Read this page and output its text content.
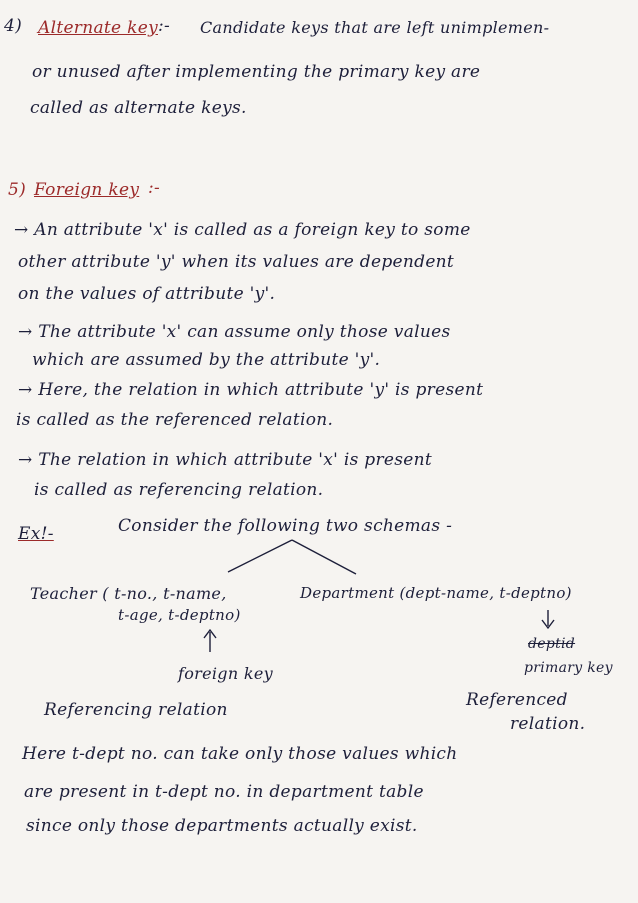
4) Alternate key :- Candidate keys that are left unimplemen-
or unused after implementing the primary key are
called as alternate keys.
5) Foreign key :-
→ An attribute 'x' is called as a foreign key to some
other attribute 'y' when its values are dependent
on the values of attribute 'y'.
→ The attribute 'x' can assume only those values
which are assumed by the attribute 'y'.
→ Here, the relation in which attribute 'y' is present
is called as the referenced relation.
→ The relation in which attribute 'x' is present
is called as referencing relation.
Ex!-	Consider the following two schemas -
Teacher ( t-no., t-name,
t-age, t-deptno)
Department (dept-name, t-deptno)
deptid
primary key
foreign key
Referencing relation	Referenced
relation.
Here t-dept no. can take only those values which
are present in t-dept no. in department table
since only those departments actually exist.
